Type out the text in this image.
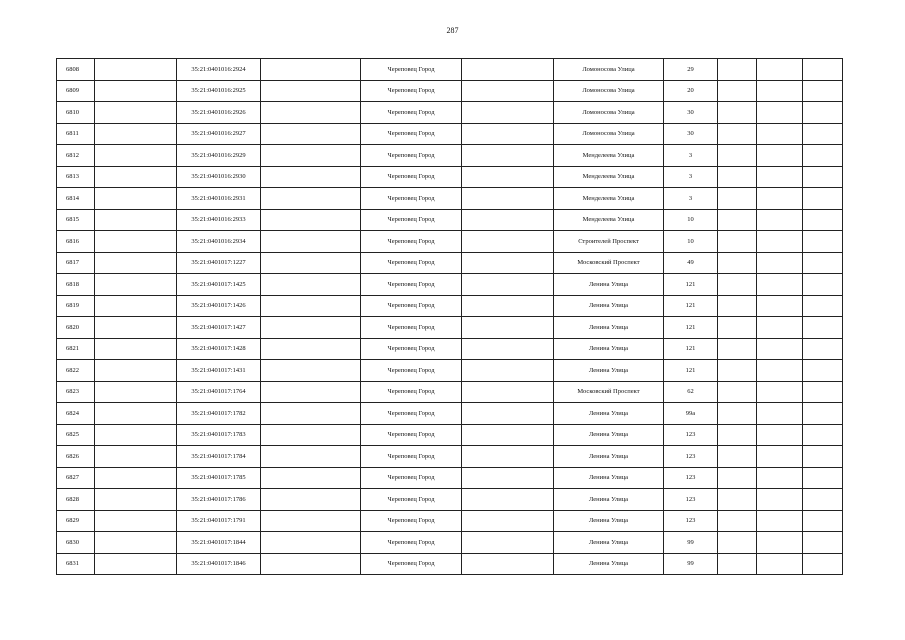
287
6808		35:21:0401016:2924		Череповец Город		Ломоносова Улица	29			
6809		35:21:0401016:2925		Череповец Город		Ломоносова Улица	20			
6810		35:21:0401016:2926		Череповец Город		Ломоносова Улица	30			
6811		35:21:0401016:2927		Череповец Город		Ломоносова Улица	30			
6812		35:21:0401016:2929		Череповец Город		Менделеева Улица	3			
6813		35:21:0401016:2930		Череповец Город		Менделеева Улица	3			
6814		35:21:0401016:2931		Череповец Город		Менделеева Улица	3			
6815		35:21:0401016:2933		Череповец Город		Менделеева Улица	10			
6816		35:21:0401016:2934		Череповец Город		Строителей Проспект	10			
6817		35:21:0401017:1227		Череповец Город		Московский Проспект	49			
6818		35:21:0401017:1425		Череповец Город		Ленина Улица	121			
6819		35:21:0401017:1426		Череповец Город		Ленина Улица	121			
6820		35:21:0401017:1427		Череповец Город		Ленина Улица	121			
6821		35:21:0401017:1428		Череповец Город		Ленина Улица	121			
6822		35:21:0401017:1431		Череповец Город		Ленина Улица	121			
6823		35:21:0401017:1764		Череповец Город		Московский Проспект	62			
6824		35:21:0401017:1782		Череповец Город		Ленина Улица	99а			
6825		35:21:0401017:1783		Череповец Город		Ленина Улица	123			
6826		35:21:0401017:1784		Череповец Город		Ленина Улица	123			
6827		35:21:0401017:1785		Череповец Город		Ленина Улица	123			
6828		35:21:0401017:1786		Череповец Город		Ленина Улица	123			
6829		35:21:0401017:1791		Череповец Город		Ленина Улица	123			
6830		35:21:0401017:1844		Череповец Город		Ленина Улица	99			
6831		35:21:0401017:1846		Череповец Город		Ленина Улица	99			
